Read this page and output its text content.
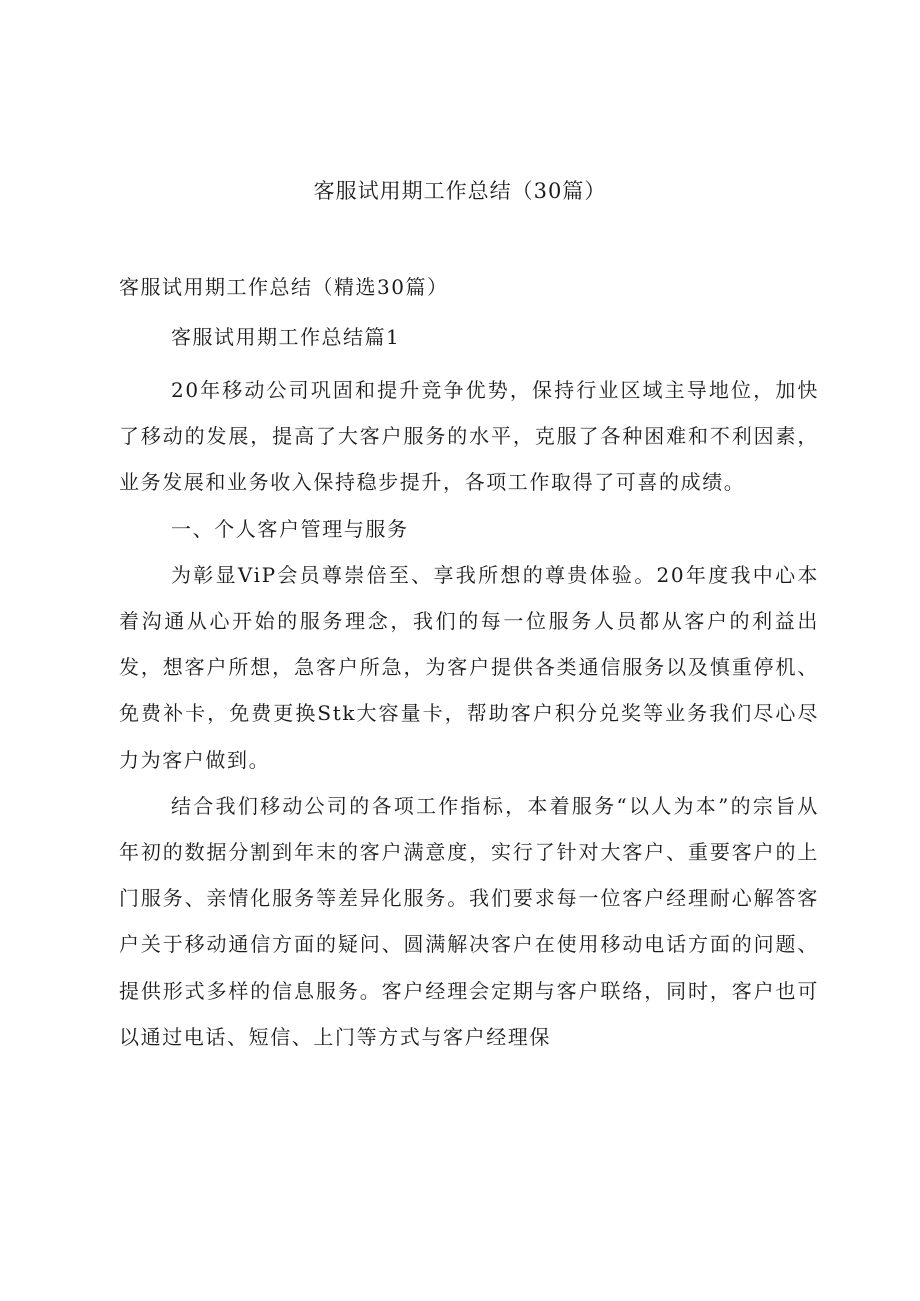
客服试用期工作总结（30篇）

客服试用期工作总结（精选30篇）

客服试用期工作总结篇1

20年移动公司巩固和提升竞争优势，保持行业区域主导地位，加快了移动的发展，提高了大客户服务的水平，克服了各种困难和不利因素，业务发展和业务收入保持稳步提升，各项工作取得了可喜的成绩。

一、个人客户管理与服务

为彰显ViP会员尊崇倍至、享我所想的尊贵体验。20年度我中心本着沟通从心开始的服务理念，我们的每一位服务人员都从客户的利益出发，想客户所想，急客户所急，为客户提供各类通信服务以及慎重停机、免费补卡，免费更换Stk大容量卡，帮助客户积分兑奖等业务我们尽心尽力为客户做到。

结合我们移动公司的各项工作指标，本着服务“以人为本”的宗旨从年初的数据分割到年末的客户满意度，实行了针对大客户、重要客户的上门服务、亲情化服务等差异化服务。我们要求每一位客户经理耐心解答客户关于移动通信方面的疑问、圆满解决客户在使用移动电话方面的问题、提供形式多样的信息服务。客户经理会定期与客户联络，同时，客户也可以通过电话、短信、上门等方式与客户经理保
